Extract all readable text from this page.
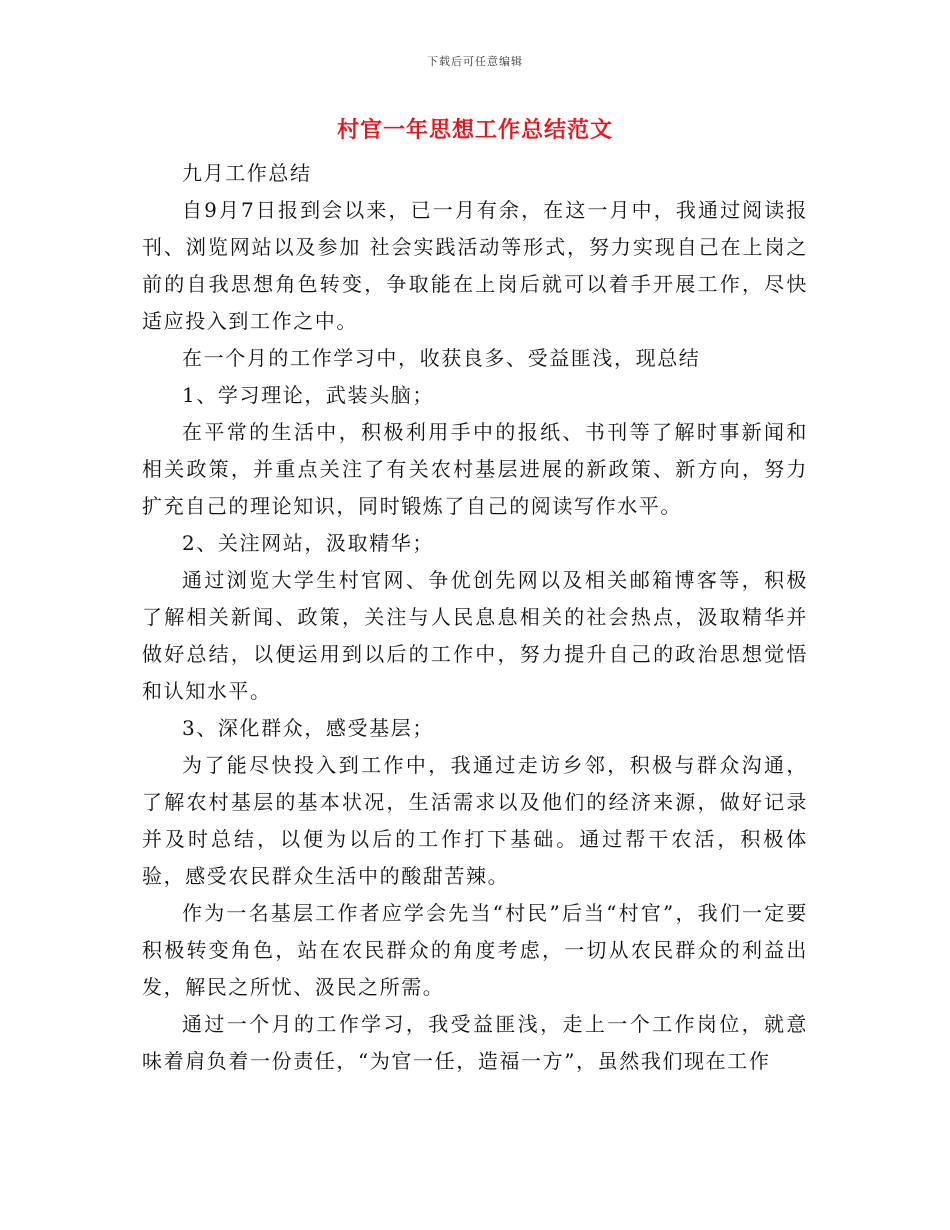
下载后可任意编辑
村官一年思想工作总结范文

九月工作总结

自9月7日报到会以来，已一月有余，在这一月中，我通过阅读报刊、浏览网站以及参加 社会实践活动等形式，努力实现自己在上岗之前的自我思想角色转变，争取能在上岗后就可以着手开展工作，尽快适应投入到工作之中。

在一个月的工作学习中，收获良多、受益匪浅，现总结

1、学习理论，武装头脑；

在平常的生活中，积极利用手中的报纸、书刊等了解时事新闻和相关政策，并重点关注了有关农村基层进展的新政策、新方向，努力扩充自己的理论知识，同时锻炼了自己的阅读写作水平。

2、关注网站，汲取精华；

通过浏览大学生村官网、争优创先网以及相关邮箱博客等，积极了解相关新闻、政策，关注与人民息息相关的社会热点，汲取精华并做好总结，以便运用到以后的工作中，努力提升自己的政治思想觉悟和认知水平。

3、深化群众，感受基层；

为了能尽快投入到工作中，我通过走访乡邻，积极与群众沟通，了解农村基层的基本状况，生活需求以及他们的经济来源，做好记录并及时总结，以便为以后的工作打下基础。通过帮干农活，积极体验，感受农民群众生活中的酸甜苦辣。

作为一名基层工作者应学会先当“村民”后当“村官”，我们一定要积极转变角色，站在农民群众的角度考虑，一切从农民群众的利益出发，解民之所忧、汲民之所需。

通过一个月的工作学习，我受益匪浅，走上一个工作岗位，就意味着肩负着一份责任，“为官一任，造福一方”，虽然我们现在工作
